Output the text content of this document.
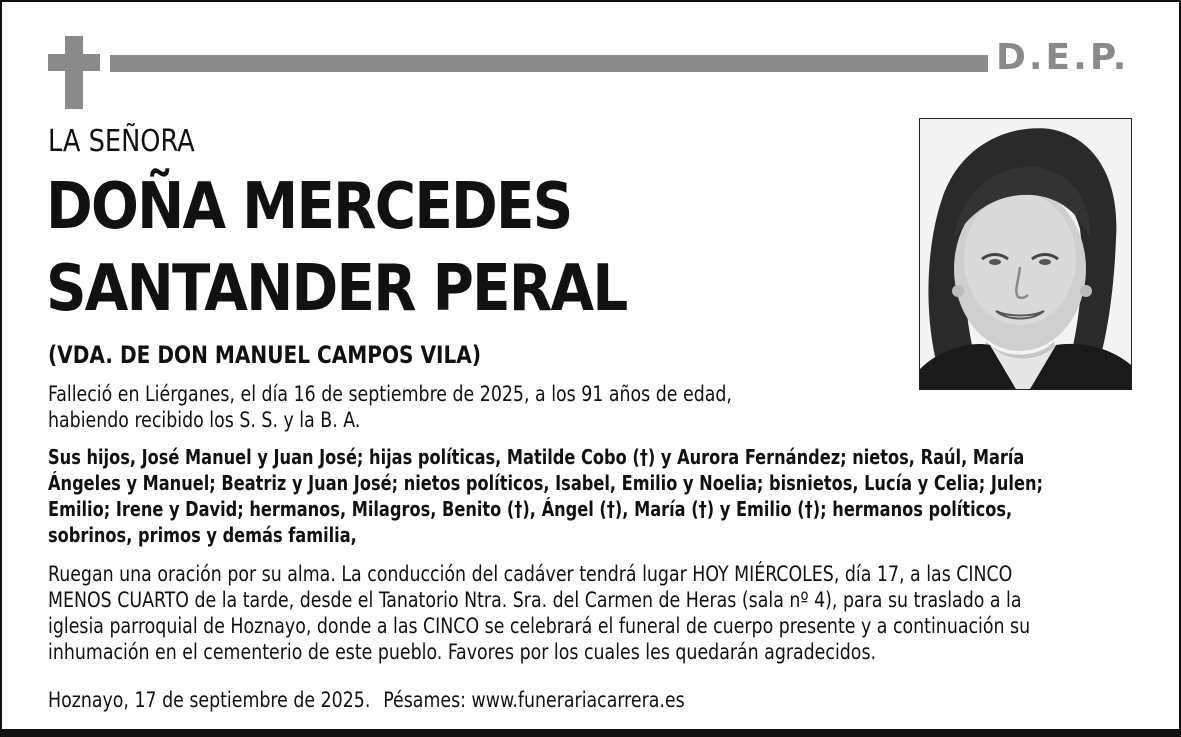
D.E.P.
LA SEÑORA
DOÑA MERCEDES
SANTANDER PERAL
(VDA. DE DON MANUEL CAMPOS VILA)
Falleció en Liérganes, el día 16 de septiembre de 2025, a los 91 años de edad,
habiendo recibido los S. S. y la B. A.
Sus hijos, José Manuel y Juan José; hijas políticas, Matilde Cobo (†) y Aurora Fernández; nietos, Raúl, María
Ángeles y Manuel; Beatriz y Juan José; nietos políticos, Isabel, Emilio y Noelia; bisnietos, Lucía y Celia; Julen;
Emilio; Irene y David; hermanos, Milagros, Benito (†), Ángel (†), María (†) y Emilio (†); hermanos políticos,
sobrinos, primos y demás familia,
Ruegan una oración por su alma. La conducción del cadáver tendrá lugar HOY MIÉRCOLES, día 17, a las CINCO
MENOS CUARTO de la tarde, desde el Tanatorio Ntra. Sra. del Carmen de Heras (sala nº 4), para su traslado a la
iglesia parroquial de Hoznayo, donde a las CINCO se celebrará el funeral de cuerpo presente y a continuación su
inhumación en el cementerio de este pueblo. Favores por los cuales les quedarán agradecidos.
Hoznayo, 17 de septiembre de 2025. Pésames: www.funerariacarrera.es
